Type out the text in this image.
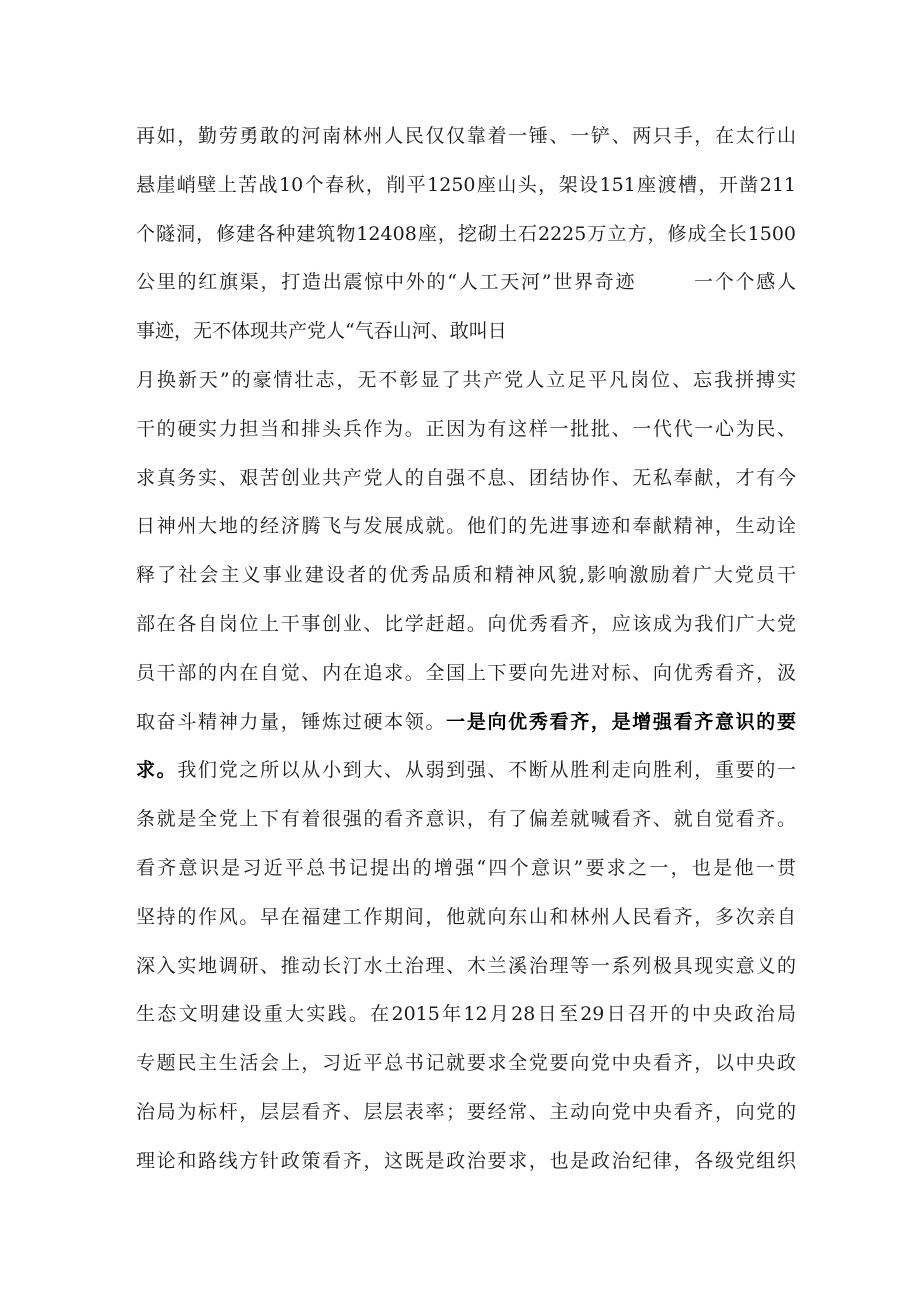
再如，勤劳勇敢的河南林州人民仅仅靠着一锤、一铲、两只手，在太行山
悬崖峭壁上苦战10个春秋，削平1250座山头，架设151座渡槽，开凿211
个隧洞，修建各种建筑物12408座，挖砌土石2225万立方，修成全长1500
公里的红旗渠，打造出震惊中外的“人工天河”世界奇迹	一个个感人
事迹，无不体现共产党人“气吞山河、敢叫日
月换新天”的豪情壮志，无不彰显了共产党人立足平凡岗位、忘我拼搏实
干的硬实力担当和排头兵作为。正因为有这样一批批、一代代一心为民、
求真务实、艰苦创业共产党人的自强不息、团结协作、无私奉献，才有今
日神州大地的经济腾飞与发展成就。他们的先进事迹和奉献精神，生动诠
释了社会主义事业建设者的优秀品质和精神风貌,影响激励着广大党员干
部在各自岗位上干事创业、比学赶超。向优秀看齐，应该成为我们广大党
员干部的内在自觉、内在追求。全国上下要向先进对标、向优秀看齐，汲
取奋斗精神力量，锤炼过硬本领。一是向优秀看齐，是增强看齐意识的要
求。我们党之所以从小到大、从弱到强、不断从胜利走向胜利，重要的一
条就是全党上下有着很强的看齐意识，有了偏差就喊看齐、就自觉看齐。
看齐意识是习近平总书记提出的增强“四个意识”要求之一，也是他一贯
坚持的作风。早在福建工作期间，他就向东山和林州人民看齐，多次亲自
深入实地调研、推动长汀水土治理、木兰溪治理等一系列极具现实意义的
生态文明建设重大实践。在2015年12月28日至29日召开的中央政治局
专题民主生活会上，习近平总书记就要求全党要向党中央看齐，以中央政
治局为标杆，层层看齐、层层表率；要经常、主动向党中央看齐，向党的
理论和路线方针政策看齐，这既是政治要求，也是政治纪律，各级党组织
